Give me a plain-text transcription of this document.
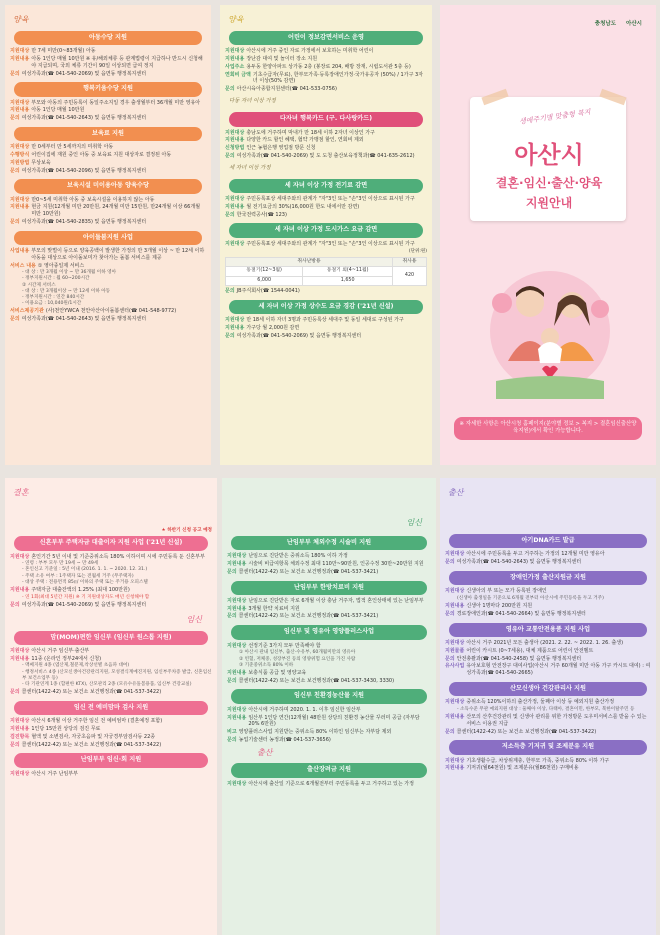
양육
아동수당 지원
지원대상 만 7세 미만(0~83개월) 아동
지원내용 아동 1인당 매월 10만원 ※ 유/해외체류 등 관계법령이 지급하나 반드시 신청해야 지급되며, 국외 체류 기간이 90일 이상되면 급여 정지
문의 여성가족과(☎ 041-540-2069) 및 읍면동 행정복지센터
행복키움수당 지원
지원대상 부모와 아동의 주민등록이 동일주소지일 경우 출생월부터 36개월 미만 영유아
지원내용 아동 1인당 매월 10만원
문의 여성가족과(☎ 041-540-2643) 및 읍면동 행정복지센터
보육료 지원
지원대상 만 0세부터 만 5세까지의 미취학 아동
수행방식 어린이집에 재원 중인 아동 중 보육료 지원 대상자로 결정된 아동
지원방법 무상보육
문의 여성가족과(☎ 041-540-2096) 및 읍면동 행정복지센터
보육시설 미이용아동 양육수당
지원대상 만0~5세 미취학 아동 중 보육시설을 이용하지 않는 아동
지원내용 현금 지원(12개월 미만 20만원, 24개월 미만 15만원, 만24개월 이상 66개월 미만 10만원)
문의 여성가족과(☎ 041-540-2835) 및 읍면동 행정복지센터
아이돌봄지원 사업
사업내용 부모의 맞벌이 등으로 양육공백이 발생한 가정의 만 3개월 이상 ~ 만 12세 이하 아동을 대상으로 아이돌보미가 찾아가는 돌봄 서비스를 제공
서비스 내용 ① 영아종일제 서비스
- 대 상 : 만 3개월 이상 ~ 만 36개월 이하 영아
- 정부지원시간 : 월 60~200시간
② 시간제 서비스
- 대 상 : 만 3개월이상 ~ 만 12세 이하 아동
- 정부지원시간 : 연간 840시간
- 이용요금 : 10,040원/1시간
서비스제공기관 (사)천안YWCA 천안아산아이돌봄센터(☎ 041-548-9772)
문의 여성가족과(☎ 041-540-2643) 및 읍면동 행정복지센터
양육
어린이 정보감면서비스 운영
지원대상 아산시에 거주 중인 자로 가정에서 보호하는 미취학 어린이
지원내용 장난감 대여 및 놀이터 장소 지원
사업주소 용두동 한양아파트 상가동 2층 (봉장로 204, 배방 장재, 시립도서관 5층 등)
연회비 금액 기초수급자(무료), 한부모가족·등록장애인가정·국가유공자 (50%) / 1가구 3자녀 이상(50% 감면)
문의 아산시육아종합지원센터(☎ 041-533-0756)
다둥 자녀 이상 가정
다자녀 행복카드 (구. 다사랑카드)
지원대상 충남도에 거주하며 막내가 만 18세 이하 2자녀 이상인 가구
지원내용 다양한 카드 할인 혜택, 협약 가맹점 할인, 연회비 제외
신청방법 인근 농협은행 영업점 방문 신청
문의 여성가족과(☎ 041-540-2069) 및 도 도청 출산보육정책과(☎ 041-635-2612)
세 자녀 이상 가정
세 자녀 이상 가정 전기료 감면
지원대상 주민등록표상 세대주와의 관계가 "자"3인 또는 "손"3인 이상으로 표시된 가구
지원내용 월 전기요금의 30%(16,000원 한도 내에서만 감면)
문의 한국전력공사(☎ 123)
세 자녀 이상 가정 도시가스 요금 감면
지원대상 주민등록표상 세대주와의 관계가 "자"3인 또는 "손"3인 이상으로 표시된 가구
(단위:원)
취사난방용		취사용
동절기(12~3월)	동절기 외(4~11월)	420
6,000	1,650	
문의 JB주식회사(☎ 1544-0041)
세 자녀 이상 가정 상수도 요금 경감 ('21년 신설)
지원대상 만 18세 이하 자녀 3명과 주민등록상 세대주 및 동일 세대로 구성된 가구
지원내용 가구당 월 2,000원 감면
문의 여성가족과(☎ 041-540-2069) 및 읍면동 행정복지센터
충청남도 아산시
생애주기별 맞춤형 복지
아산시
결혼·임신·출산·양육
지원안내
※ 자세한 사항은 아산시청 홈페이지(분야별 정보 > 복지 > 결혼임신출산양육지원)에서 확인 가능합니다.
결혼
★ 하반기 신청 공고 예정
신혼부부 주택자금 대출이자 지원 사업 ('21년 신설)
지원대상 혼인기간 5년 이내 및 기준중위소득 180% 이하이며 시에 주민등록 둔 신혼부부
- 연령 : 부부 모두 만 19세 ~ 만 49세
- 혼인신고 기준일 : 5년 이내 (2016. 1. 1. ~ 2020. 12. 31.)
- 주택 소유 여부 : 1주택자 또는 전월세 거주 (무주택자)
- 대상 주택 : 전용면적 85㎡ 이하의 주택 또는 주거용 오피스텔
지원내용 주택자금 대출잔액의 1.25% (최대 100만원)
- 연 1회(최대 5년간 지원) ※ 기 지원대상자도 매년 신청해야 함
문의 여성가족과(☎ 041-540-2069) 및 읍면동 행정복지센터
임신
맘(MOM)편한 임신부 (임신부 원스톱 지원)
지원대상 아산시 거주 임신부·출산부
지원내용 11종 (온라인 정부24에서 신청)
- 맥쎄지원 4종 (엽산제,철분제,착상선별 초음파 대여)
- 행정서비스 4종 (산모신생아건강관리지원, 모성결식계예진지원, 임신부주차증 발급, 신혼임신부 보건소업무 등)
- 타 기관연계 1종 (합편한 KTX), 산모관리 2종 (모유수유돌봄용품, 임신부 건강교실)
문의 콜센터(1422-42) 또는 보건소 보건행정과(☎ 041-537-3422)
임신 전 예비맘마 검사 지원
지원대상 아산시 6개월 이상 거주한 임신 전 예비엄마 (결혼예정 포함)
지원내용 1인당 15만원 상당의 검진 무료
검진항목 혈액 및 소변검사, 자궁초음파 및 자궁경부암검사등 22종
문의 콜센터(1422-42) 또는 보건소 보건행정과(☎ 041-537-3422)
난임부부 임신·회 지원
지원대상 아산시 거주 난임부부
임신
난임부부 체외수정 시술비 지원
지원대상 난임으로 진단받은 중위소득 180% 이하 가정
지원내용 시술비 비급여항목 체외수정 최대 110만~90만원, 인공수정 30만~20만원 지원
문의 콜센터(1422-42) 또는 보건소 보건행정과(☎ 041-537-3421)
난임부부 한방치료비 지원
지원대상 난임으로 진단받은 자로 6개월 이상 충남 거주자, 법적 혼인상태에 있는 난임부부
지원내용 3개월 한약 치료비 지원
문의 콜센터(1422-42) 또는 보건소 보건행정과(☎ 041-537-3421)
임신부 및 영유아 영양플러스사업
지원대상 선정기준 3가지 모두 만족해야 함
① 아산시 관내 임신부, 출산·수유부, 60개월미만의 영유아
② 빈혈, 저체중, 성장부진 등의 영양위험 요인을 가진 사람
③ 기준중위소득 80% 이하
지원내용 보충식품 공급 및 영양교육
문의 콜센터(1422-42) 또는 보건소 보건행정과(☎ 041-537-3430, 3330)
임신부 친환경농산물 지원
지원대상 아산시에 거주하며 2020. 1. 1. 이후 임신한 임산부
지원내용 임산부 1인당 연간(12개월) 48만원 상당의 친환경 농산물 꾸러미 공급 (자부담 20% 6만원)
비고 영양플러스사업 지원받는 중위소득 80% 이하인 임신부는 자부담 제외
문의 농업기술센터 농정과(☎ 041-537-3656)
출산
출산장려금 지원
지원대상 아산시에 출산일 기준으로 6개월전부터 주민등록을 두고 거주하고 있는 가정
출산
아기DNA카드 발급
지원대상 아산시에 주민등록을 두고 거주하는 가정의 12개월 미만 영유아
문의 여성가족과(☎ 041-540-2643) 및 읍면동 행정복지센터
장애인가정 출산지원금 지원
지원대상 신생아의 부 또는 모가 등록된 장애인
(신생아 출생일을 기준으로 6개월 전부터 아산시에 주민등록을 두고 거주)
지원내용 신생아 1명마다 200만원 지원
문의 경로장애인과(☎ 041-540-2664) 및 읍면동 행정복지센터
영유아 교통안전용품 지원 사업
지원대상 아산시 거주 2021년 모든 출생아 (2021. 2. 22. ~ 2022. 1. 26. 출생)
지원물품 어린이 카시트 (0~7세용), 대체 제품으로 어린이 안전벨트
문의 안전총괄과(☎ 041-540-2458) 및 읍면동 행정복지센터
유사사업 유아보호형 안전장구 대여사업(아산시 거주 60개월 미만 아동 가구 카시트 대여) : 여성가족과(☎ 041-540-2665)
산모신생아 건강관리사 지원
지원대상 중위소득 120%이하의 출산가정, 둘째아 이상 등 예외지원 출산가정
- 소득수준 무관 예외지원 대상 : 둘째아 이상, 다태아, 결혼이민, 한부모, 북한이탈주민 등
지원내용 산모의 산후건강관리 및 신생아 관리를 위한 가정방문 도우미서비스를 받을 수 있는 서비스 이용권 지급
문의 콜센터(1422-42) 또는 보건소 보건행정과(☎ 041-537-3422)
저소득층 기저귀 및 조제분유 지원
지원대상 기초생활수급, 차상위계층, 한부모 가족, 중위소득 80% 이하 가구
지원내용 기저귀(월64천원) 및 조제분유(월86천원) 구매비용
